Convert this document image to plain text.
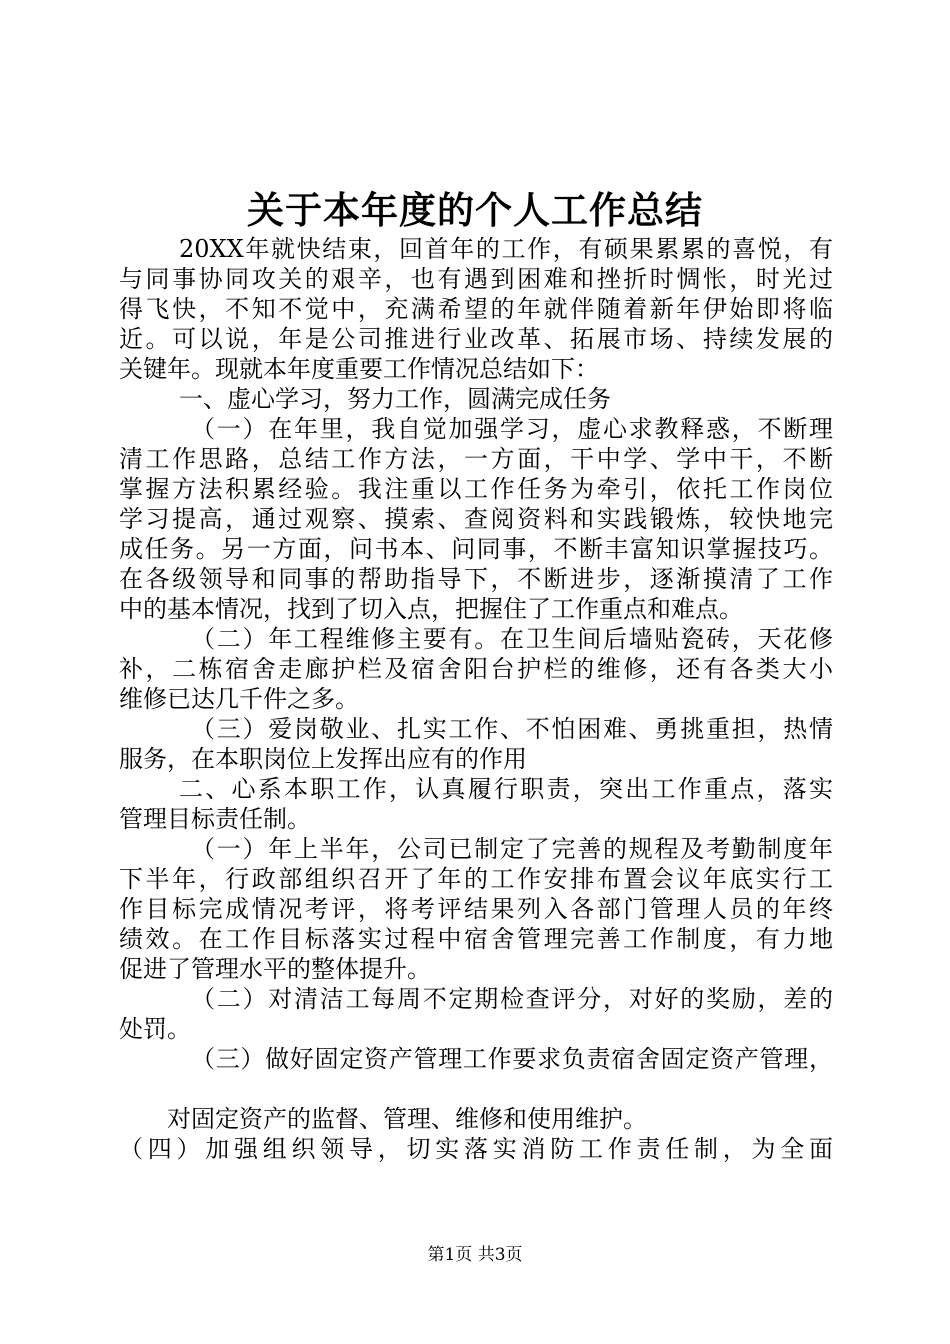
关于本年度的个人工作总结
20XX年就快结束，回首年的工作，有硕果累累的喜悦，有
与同事协同攻关的艰辛，也有遇到困难和挫折时惆怅，时光过
得飞快，不知不觉中，充满希望的年就伴随着新年伊始即将临
近。可以说，年是公司推进行业改革、拓展市场、持续发展的
关键年。现就本年度重要工作情况总结如下：
一、虚心学习，努力工作，圆满完成任务
（一）在年里，我自觉加强学习，虚心求教释惑，不断理
清工作思路，总结工作方法，一方面，干中学、学中干，不断
掌握方法积累经验。我注重以工作任务为牵引，依托工作岗位
学习提高，通过观察、摸索、查阅资料和实践锻炼，较快地完
成任务。另一方面，问书本、问同事，不断丰富知识掌握技巧。
在各级领导和同事的帮助指导下，不断进步，逐渐摸清了工作
中的基本情况，找到了切入点，把握住了工作重点和难点。
（二）年工程维修主要有。在卫生间后墙贴瓷砖，天花修
补，二栋宿舍走廊护栏及宿舍阳台护栏的维修，还有各类大小
维修已达几千件之多。
（三）爱岗敬业、扎实工作、不怕困难、勇挑重担，热情
服务，在本职岗位上发挥出应有的作用
二、心系本职工作，认真履行职责，突出工作重点，落实
管理目标责任制。
（一）年上半年，公司已制定了完善的规程及考勤制度年
下半年，行政部组织召开了年的工作安排布置会议年底实行工
作目标完成情况考评，将考评结果列入各部门管理人员的年终
绩效。在工作目标落实过程中宿舍管理完善工作制度，有力地
促进了管理水平的整体提升。
（二）对清洁工每周不定期检查评分，对好的奖励，差的
处罚。
（三）做好固定资产管理工作要求负责宿舍固定资产管理，
对固定资产的监督、管理、维修和使用维护。
（四）加强组织领导，切实落实消防工作责任制，为全面
第1页 共3页
